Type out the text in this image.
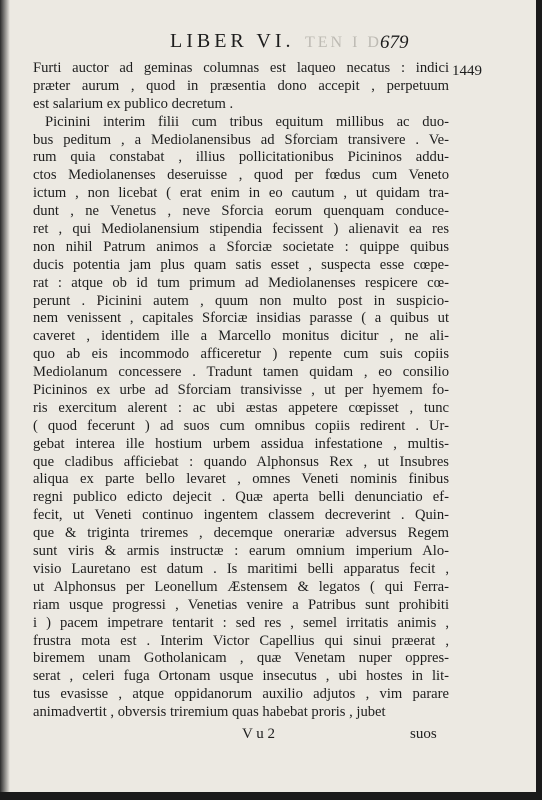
TEN I D
LIBER VI.	679
1449
Furti auctor ad geminas columnas est laqueo necatus : indici
præter aurum , quod in præsentia dono accepit , perpetuum
est salarium ex publico decretum .
Picinini interim filii cum tribus equitum millibus ac duo-
bus peditum , a Mediolanensibus ad Sforciam transivere . Ve-
rum quia constabat , illius pollicitationibus Picininos addu-
ctos Mediolanenses deseruisse , quod per fœdus cum Veneto
ictum , non licebat ( erat enim in eo cautum , ut quidam tra-
dunt , ne Venetus , neve Sforcia eorum quenquam conduce-
ret , qui Mediolanensium stipendia fecissent ) alienavit ea res
non nihil Patrum animos a Sforciæ societate : quippe quibus
ducis potentia jam plus quam satis esset , suspecta esse cœpe-
rat : atque ob id tum primum ad Mediolanenses respicere cœ-
perunt . Picinini autem , quum non multo post in suspicio-
nem venissent , capitales Sforciæ insidias parasse ( a quibus ut
caveret , identidem ille a Marcello monitus dicitur , ne ali-
quo ab eis incommodo afficeretur ) repente cum suis copiis
Mediolanum concessere . Tradunt tamen quidam , eo consilio
Picininos ex urbe ad Sforciam transivisse , ut per hyemem fo-
ris exercitum alerent : ac ubi æstas appetere cœpisset , tunc
( quod fecerunt ) ad suos cum omnibus copiis redirent . Ur-
gebat interea ille hostium urbem assidua infestatione , multis-
que cladibus afficiebat : quando Alphonsus Rex , ut Insubres
aliqua ex parte bello levaret , omnes Veneti nominis finibus
regni publico edicto dejecit . Quæ aperta belli denunciatio ef-
fecit, ut Veneti continuo ingentem classem decreverint . Quin-
que & triginta triremes , decemque onerariæ adversus Regem
sunt viris & armis instructæ : earum omnium imperium Alo-
visio Lauretano est datum . Is maritimi belli apparatus fecit ,
ut Alphonsus per Leonellum Æstensem & legatos ( qui Ferra-
riam usque progressi , Venetias venire a Patribus sunt prohibiti
i ) pacem impetrare tentarit : sed res , semel irritatis animis ,
frustra mota est . Interim Victor Capellius qui sinui præerat ,
biremem unam Gotholanicam , quæ Venetam nuper oppres-
serat , celeri fuga Ortonam usque insecutus , ubi hostes in lit-
tus evasisse , atque oppidanorum auxilio adjutos , vim parare
animadvertit , obversis triremium quas habebat proris , jubet
V u 2	suos
